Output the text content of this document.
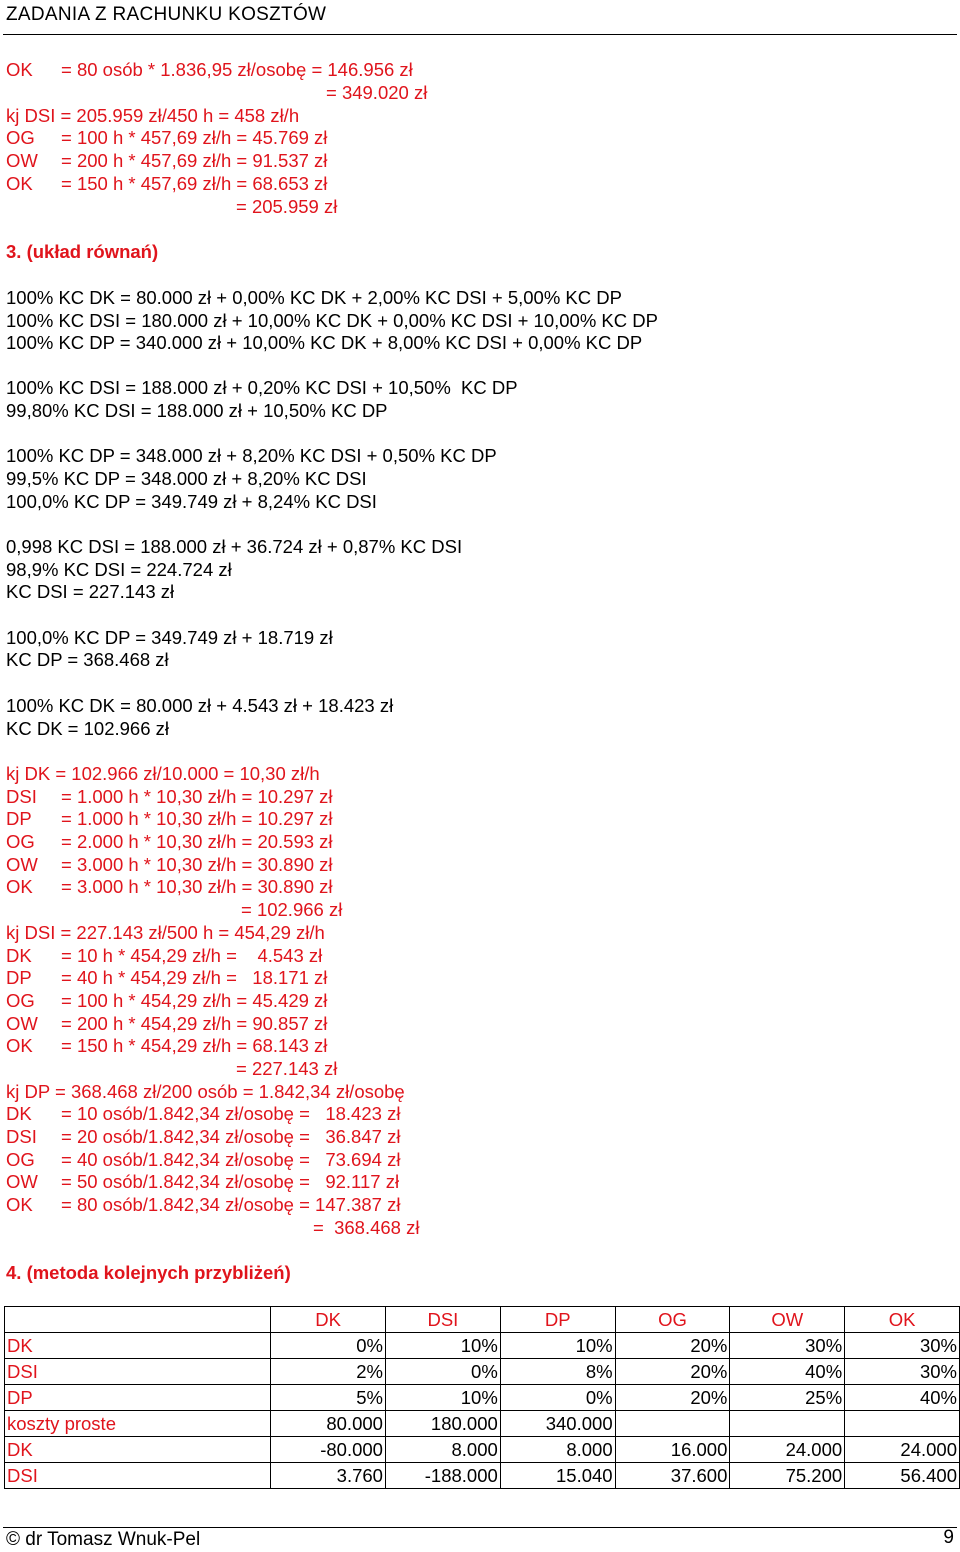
ZADANIA Z RACHUNKU KOSZTÓW
OK = 80 osób * 1.836,95 zł/osobę = 146.956 zł
= 349.020 zł
kj DSI = 205.959 zł/450 h = 458 zł/h
OG = 100 h * 457,69 zł/h = 45.769 zł
OW = 200 h * 457,69 zł/h = 91.537 zł
OK = 150 h * 457,69 zł/h = 68.653 zł
= 205.959 zł
3. (układ równań)
100% KC DK = 80.000 zł + 0,00% KC DK + 2,00% KC DSI + 5,00% KC DP
100% KC DSI = 180.000 zł + 10,00% KC DK + 0,00% KC DSI + 10,00% KC DP
100% KC DP = 340.000 zł + 10,00% KC DK + 8,00% KC DSI + 0,00% KC DP
100% KC DSI = 188.000 zł + 0,20% KC DSI + 10,50%  KC DP
99,80% KC DSI = 188.000 zł + 10,50% KC DP
100% KC DP = 348.000 zł + 8,20% KC DSI + 0,50% KC DP
99,5% KC DP = 348.000 zł + 8,20% KC DSI
100,0% KC DP = 349.749 zł + 8,24% KC DSI
0,998 KC DSI = 188.000 zł + 36.724 zł + 0,87% KC DSI
98,9% KC DSI = 224.724 zł
KC DSI = 227.143 zł
100,0% KC DP = 349.749 zł + 18.719 zł
KC DP = 368.468 zł
100% KC DK = 80.000 zł + 4.543 zł + 18.423 zł
KC DK = 102.966 zł
kj DK = 102.966 zł/10.000 = 10,30 zł/h
DSI = 1.000 h * 10,30 zł/h = 10.297 zł
DP = 1.000 h * 10,30 zł/h = 10.297 zł
OG = 2.000 h * 10,30 zł/h = 20.593 zł
OW = 3.000 h * 10,30 zł/h = 30.890 zł
OK = 3.000 h * 10,30 zł/h = 30.890 zł
= 102.966 zł
kj DSI = 227.143 zł/500 h = 454,29 zł/h
DK = 10 h * 454,29 zł/h =    4.543 zł
DP = 40 h * 454,29 zł/h =   18.171 zł
OG = 100 h * 454,29 zł/h = 45.429 zł
OW = 200 h * 454,29 zł/h = 90.857 zł
OK = 150 h * 454,29 zł/h = 68.143 zł
= 227.143 zł
kj DP = 368.468 zł/200 osób = 1.842,34 zł/osobę
DK = 10 osób/1.842,34 zł/osobę =   18.423 zł
DSI = 20 osób/1.842,34 zł/osobę =   36.847 zł
OG = 40 osób/1.842,34 zł/osobę =   73.694 zł
OW = 50 osób/1.842,34 zł/osobę =   92.117 zł
OK = 80 osób/1.842,34 zł/osobę = 147.387 zł
=  368.468 zł
4. (metoda kolejnych przybliżeń)
	DK	DSI	DP	OG	OW	OK
DK	0%	10%	10%	20%	30%	30%
DSI	2%	0%	8%	20%	40%	30%
DP	5%	10%	0%	20%	25%	40%
koszty proste	80.000	180.000	340.000			
DK	-80.000	8.000	8.000	16.000	24.000	24.000
DSI	3.760	-188.000	15.040	37.600	75.200	56.400
© dr Tomasz Wnuk-Pel	9
